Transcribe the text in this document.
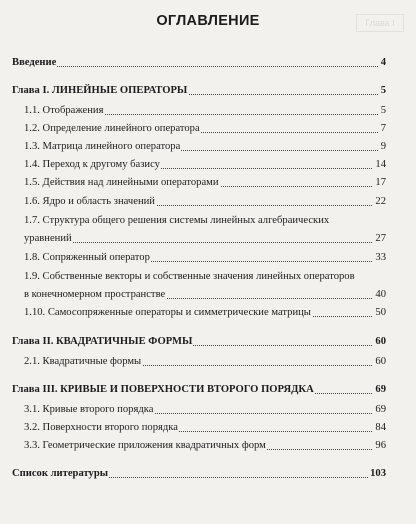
Глава I
ОГЛАВЛЕНИЕ
Введение	4
Глава I. ЛИНЕЙНЫЕ ОПЕРАТОРЫ	5
1.1. Отображения	5
1.2. Определение линейного оператора	7
1.3. Матрица линейного оператора	9
1.4. Переход к другому базису	14
1.5. Действия над линейными операторами	17
1.6. Ядро и область значений	22
1.7. Структура общего решения системы линейных алгебраических
уравнений	27
1.8. Сопряженный оператор	33
1.9. Собственные векторы и собственные значения линейных операторов
в конечномерном пространстве	40
1.10. Самосопряженные операторы и симметрические матрицы	50
Глава II. КВАДРАТИЧНЫЕ ФОРМЫ	60
2.1. Квадратичные формы	60
Глава III. КРИВЫЕ И ПОВЕРХНОСТИ ВТОРОГО ПОРЯДКА	69
3.1. Кривые второго порядка	69
3.2. Поверхности второго порядка	84
3.3. Геометрические приложения квадратичных форм	96
Список литературы	103
